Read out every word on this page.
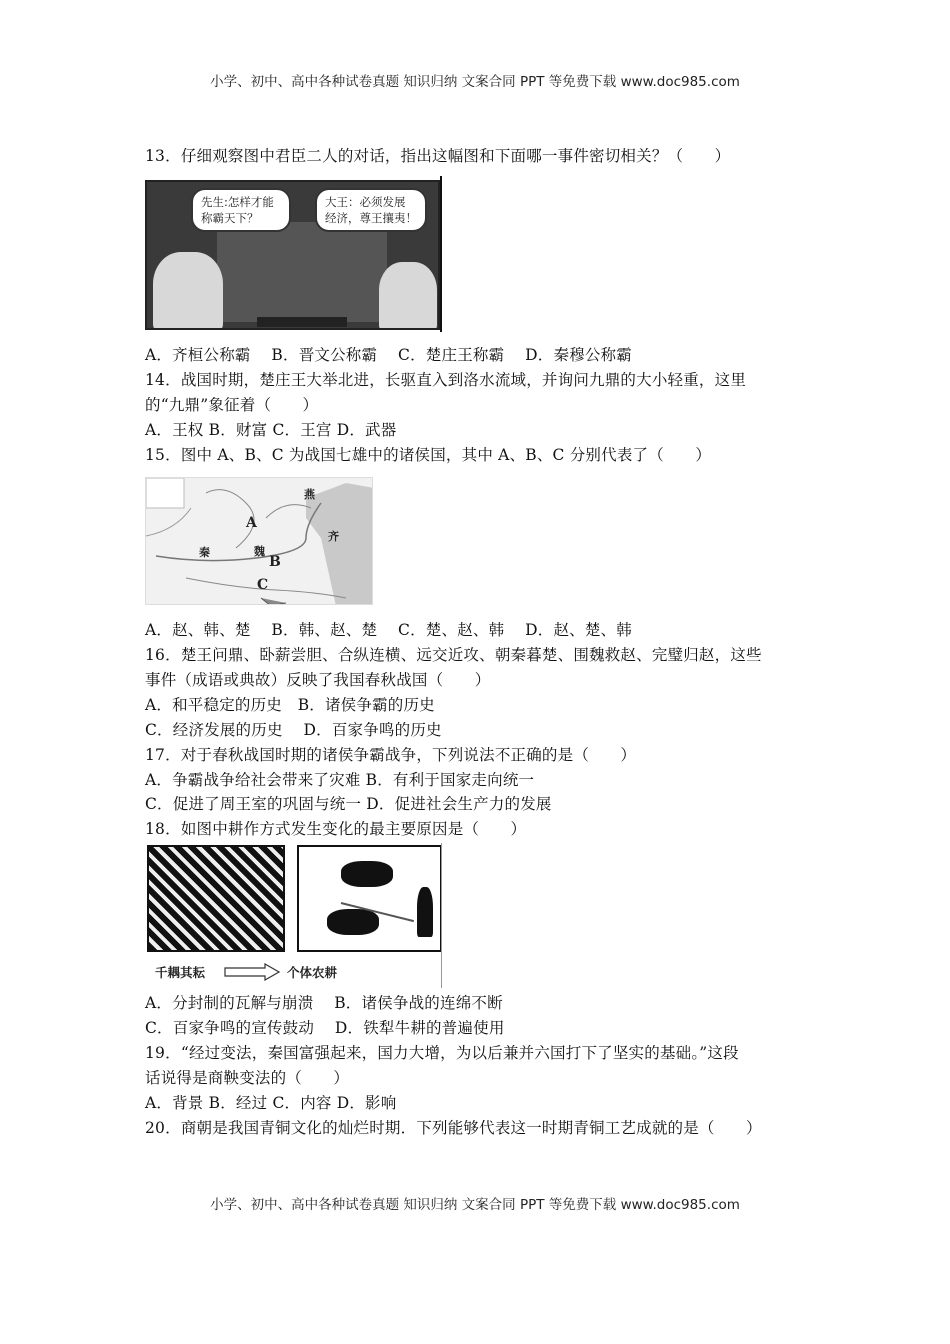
小学、初中、高中各种试卷真题 知识归纳 文案合同 PPT 等免费下载 www.doc985.com
13．仔细观察图中君臣二人的对话，指出这幅图和下面哪一事件密切相关？（　　）
先生:怎样才能
称霸天下？
大王：必须发展
经济，尊王攘夷！
A．齐桓公称霸　 B．晋文公称霸　 C．楚庄王称霸　 D．秦穆公称霸
14．战国时期，楚庄王大举北进，长驱直入到洛水流域，并询问九鼎的大小轻重，这里
的“九鼎”象征着（　　）
A．王权 B．财富 C．王宫 D．武器
15．图中 A、B、C 为战国七雄中的诸侯国，其中 A、B、C 分别代表了（　　）
A
魏
秦
B
C
燕
齐
A．赵、韩、楚　 B．韩、赵、楚　 C．楚、赵、韩　 D．赵、楚、韩
16．楚王问鼎、卧薪尝胆、合纵连横、远交近攻、朝秦暮楚、围魏救赵、完璧归赵，这些
事件（成语或典故）反映了我国春秋战国（　　）
A．和平稳定的历史　B．诸侯争霸的历史
C．经济发展的历史　 D．百家争鸣的历史
17．对于春秋战国时期的诸侯争霸战争，下列说法不正确的是（　　）
A．争霸战争给社会带来了灾难 B．有利于国家走向统一
C．促进了周王室的巩固与统一 D．促进社会生产力的发展
18．如图中耕作方式发生变化的最主要原因是（　　）
千耦其耘	个体农耕
A．分封制的瓦解与崩溃　 B．诸侯争战的连绵不断
C．百家争鸣的宣传鼓动　 D．铁犁牛耕的普遍使用
19．“经过变法，秦国富强起来，国力大增，为以后兼并六国打下了坚实的基础。”这段
话说得是商鞅变法的（　　）
A．背景 B．经过 C．内容 D．影响
20．商朝是我国青铜文化的灿烂时期．下列能够代表这一时期青铜工艺成就的是（　　）
小学、初中、高中各种试卷真题 知识归纳 文案合同 PPT 等免费下载 www.doc985.com
